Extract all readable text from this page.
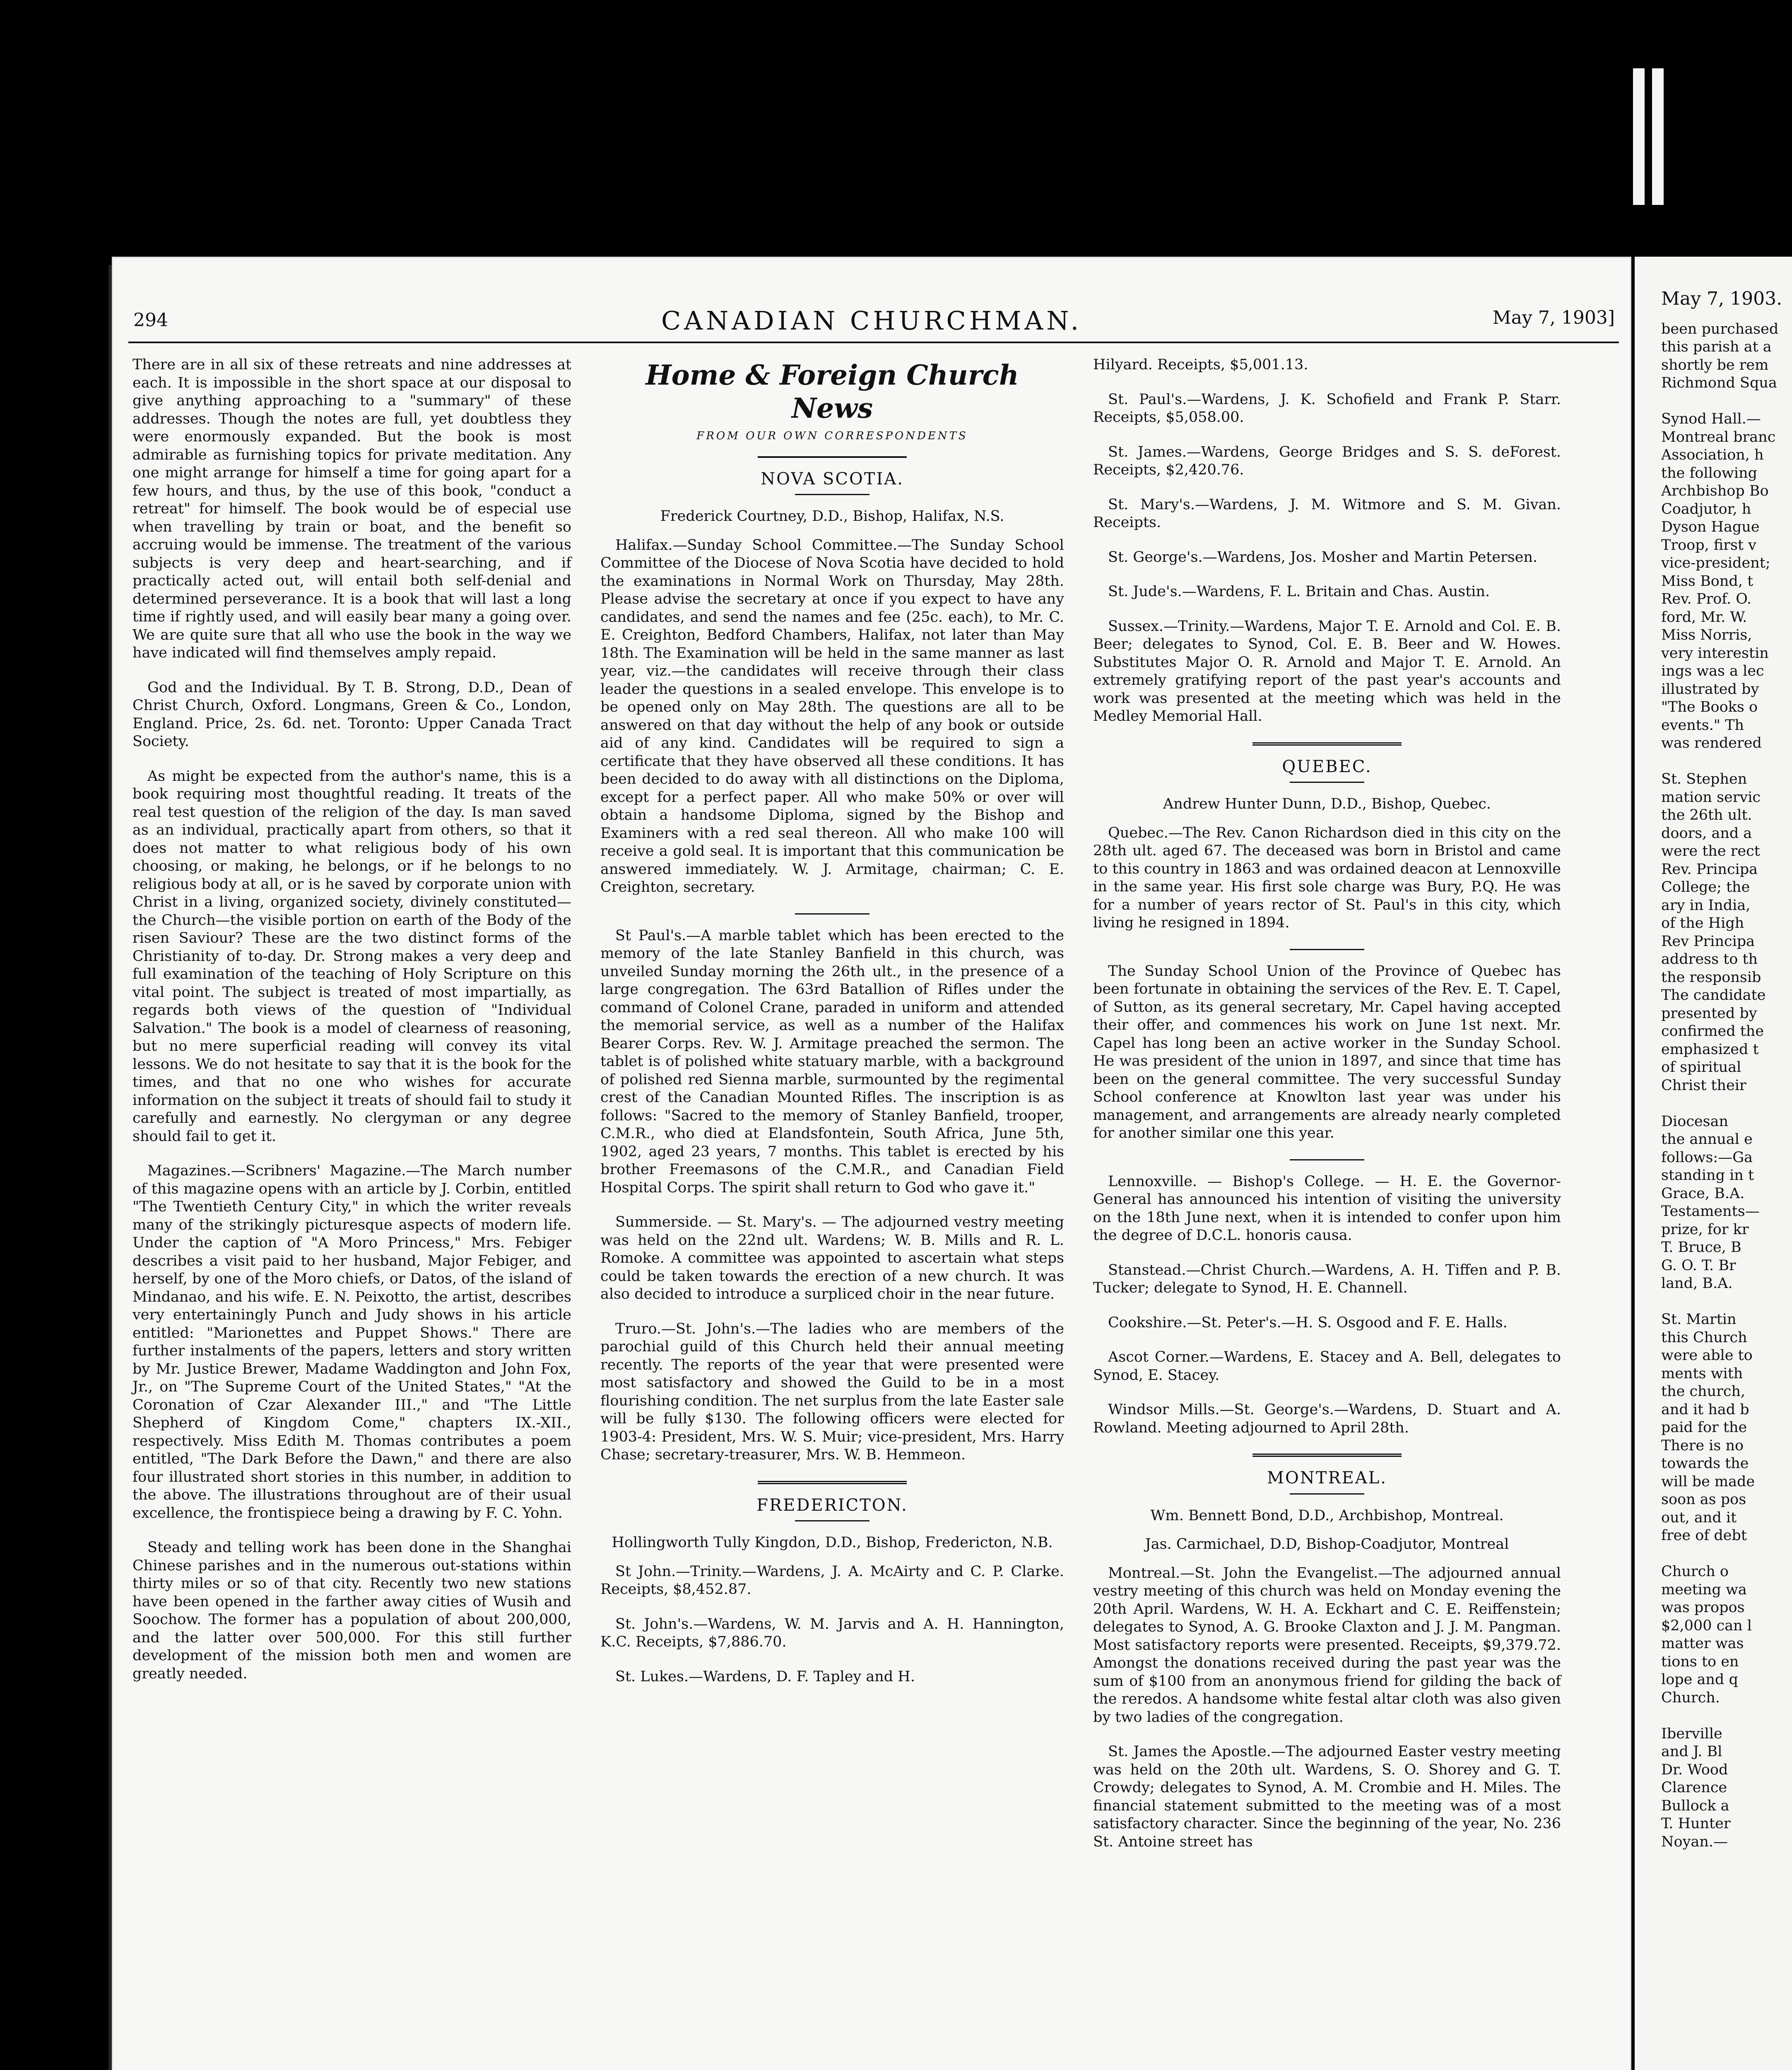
294	CANADIAN CHURCHMAN.	May 7, 1903]

There are in all six of these retreats and nine addresses at each. It is impossible in the short space at our disposal to give anything approaching to a "summary" of these addresses. Though the notes are full, yet doubtless they were enormously expanded. But the book is most admirable as furnishing topics for private meditation. Any one might arrange for himself a time for going apart for a few hours, and thus, by the use of this book, "conduct a retreat" for himself. The book would be of especial use when travelling by train or boat, and the benefit so accruing would be immense. The treatment of the various subjects is very deep and heart-searching, and if practically acted out, will entail both self-denial and determined perseverance. It is a book that will last a long time if rightly used, and will easily bear many a going over. We are quite sure that all who use the book in the way we have indicated will find themselves amply repaid.

God and the Individual. By T. B. Strong, D.D., Dean of Christ Church, Oxford. Longmans, Green & Co., London, England. Price, 2s. 6d. net. Toronto: Upper Canada Tract Society.

As might be expected from the author's name, this is a book requiring most thoughtful reading. It treats of the real test question of the religion of the day. Is man saved as an individual, practically apart from others, so that it does not matter to what religious body of his own choosing, or making, he belongs, or if he belongs to no religious body at all, or is he saved by corporate union with Christ in a living, organized society, divinely constituted—the Church—the visible portion on earth of the Body of the risen Saviour? These are the two distinct forms of the Christianity of to-day. Dr. Strong makes a very deep and full examination of the teaching of Holy Scripture on this vital point. The subject is treated of most impartially, as regards both views of the question of "Individual Salvation." The book is a model of clearness of reasoning, but no mere superficial reading will convey its vital lessons. We do not hesitate to say that it is the book for the times, and that no one who wishes for accurate information on the subject it treats of should fail to study it carefully and earnestly. No clergyman or any degree should fail to get it.

Magazines.—Scribners' Magazine.—The March number of this magazine opens with an article by J. Corbin, entitled "The Twentieth Century City," in which the writer reveals many of the strikingly picturesque aspects of modern life. Under the caption of "A Moro Princess," Mrs. Febiger describes a visit paid to her husband, Major Febiger, and herself, by one of the Moro chiefs, or Datos, of the island of Mindanao, and his wife. E. N. Peixotto, the artist, describes very entertainingly Punch and Judy shows in his article entitled: "Marionettes and Puppet Shows." There are further instalments of the papers, letters and story written by Mr. Justice Brewer, Madame Waddington and John Fox, Jr., on "The Supreme Court of the United States," "At the Coronation of Czar Alexander III.," and "The Little Shepherd of Kingdom Come," chapters IX.-XII., respectively. Miss Edith M. Thomas contributes a poem entitled, "The Dark Before the Dawn," and there are also four illustrated short stories in this number, in addition to the above. The illustrations throughout are of their usual excellence, the frontispiece being a drawing by F. C. Yohn.

Steady and telling work has been done in the Shanghai Chinese parishes and in the numerous out-stations within thirty miles or so of that city. Recently two new stations have been opened in the farther away cities of Wusih and Soochow. The former has a population of about 200,000, and the latter over 500,000. For this still further development of the mission both men and women are greatly needed.

Home & Foreign Church News
FROM OUR OWN CORRESPONDENTS
NOVA SCOTIA.

Frederick Courtney, D.D., Bishop, Halifax, N.S.

Halifax.—Sunday School Committee.—The Sunday School Committee of the Diocese of Nova Scotia have decided to hold the examinations in Normal Work on Thursday, May 28th. Please advise the secretary at once if you expect to have any candidates, and send the names and fee (25c. each), to Mr. C. E. Creighton, Bedford Chambers, Halifax, not later than May 18th. The Examination will be held in the same manner as last year, viz.—the candidates will receive through their class leader the questions in a sealed envelope. This envelope is to be opened only on May 28th. The questions are all to be answered on that day without the help of any book or outside aid of any kind. Candidates will be required to sign a certificate that they have observed all these conditions. It has been decided to do away with all distinctions on the Diploma, except for a perfect paper. All who make 50% or over will obtain a handsome Diploma, signed by the Bishop and Examiners with a red seal thereon. All who make 100 will receive a gold seal. It is important that this communication be answered immediately. W. J. Armitage, chairman; C. E. Creighton, secretary.

St Paul's.—A marble tablet which has been erected to the memory of the late Stanley Banfield in this church, was unveiled Sunday morning the 26th ult., in the presence of a large congregation. The 63rd Batallion of Rifles under the command of Colonel Crane, paraded in uniform and attended the memorial service, as well as a number of the Halifax Bearer Corps. Rev. W. J. Armitage preached the sermon. The tablet is of polished white statuary marble, with a background of polished red Sienna marble, surmounted by the regimental crest of the Canadian Mounted Rifles. The inscription is as follows: "Sacred to the memory of Stanley Banfield, trooper, C.M.R., who died at Elandsfontein, South Africa, June 5th, 1902, aged 23 years, 7 months. This tablet is erected by his brother Freemasons of the C.M.R., and Canadian Field Hospital Corps. The spirit shall return to God who gave it."

Summerside. — St. Mary's. — The adjourned vestry meeting was held on the 22nd ult. Wardens; W. B. Mills and R. L. Romoke. A committee was appointed to ascertain what steps could be taken towards the erection of a new church. It was also decided to introduce a surpliced choir in the near future.

Truro.—St. John's.—The ladies who are members of the parochial guild of this Church held their annual meeting recently. The reports of the year that were presented were most satisfactory and showed the Guild to be in a most flourishing condition. The net surplus from the late Easter sale will be fully $130. The following officers were elected for 1903-4: President, Mrs. W. S. Muir; vice-president, Mrs. Harry Chase; secretary-treasurer, Mrs. W. B. Hemmeon.

FREDERICTON.

Hollingworth Tully Kingdon, D.D., Bishop, Fredericton, N.B.

St John.—Trinity.—Wardens, J. A. McAirty and C. P. Clarke. Receipts, $8,452.87.

St. John's.—Wardens, W. M. Jarvis and A. H. Hannington, K.C. Receipts, $7,886.70.

St. Lukes.—Wardens, D. F. Tapley and H.

Hilyard. Receipts, $5,001.13.

St. Paul's.—Wardens, J. K. Schofield and Frank P. Starr. Receipts, $5,058.00.

St. James.—Wardens, George Bridges and S. S. deForest. Receipts, $2,420.76.

St. Mary's.—Wardens, J. M. Witmore and S. M. Givan. Receipts.

St. George's.—Wardens, Jos. Mosher and Martin Petersen.

St. Jude's.—Wardens, F. L. Britain and Chas. Austin.

Sussex.—Trinity.—Wardens, Major T. E. Arnold and Col. E. B. Beer; delegates to Synod, Col. E. B. Beer and W. Howes. Substitutes Major O. R. Arnold and Major T. E. Arnold. An extremely gratifying report of the past year's accounts and work was presented at the meeting which was held in the Medley Memorial Hall.

QUEBEC.

Andrew Hunter Dunn, D.D., Bishop, Quebec.

Quebec.—The Rev. Canon Richardson died in this city on the 28th ult. aged 67. The deceased was born in Bristol and came to this country in 1863 and was ordained deacon at Lennoxville in the same year. His first sole charge was Bury, P.Q. He was for a number of years rector of St. Paul's in this city, which living he resigned in 1894.

The Sunday School Union of the Province of Quebec has been fortunate in obtaining the services of the Rev. E. T. Capel, of Sutton, as its general secretary, Mr. Capel having accepted their offer, and commences his work on June 1st next. Mr. Capel has long been an active worker in the Sunday School. He was president of the union in 1897, and since that time has been on the general committee. The very successful Sunday School conference at Knowlton last year was under his management, and arrangements are already nearly completed for another similar one this year.

Lennoxville. — Bishop's College. — H. E. the Governor-General has announced his intention of visiting the university on the 18th June next, when it is intended to confer upon him the degree of D.C.L. honoris causa.

Stanstead.—Christ Church.—Wardens, A. H. Tiffen and P. B. Tucker; delegate to Synod, H. E. Channell.

Cookshire.—St. Peter's.—H. S. Osgood and F. E. Halls.

Ascot Corner.—Wardens, E. Stacey and A. Bell, delegates to Synod, E. Stacey.

Windsor Mills.—St. George's.—Wardens, D. Stuart and A. Rowland. Meeting adjourned to April 28th.

MONTREAL.

Wm. Bennett Bond, D.D., Archbishop, Montreal.

Jas. Carmichael, D.D, Bishop-Coadjutor, Montreal

Montreal.—St. John the Evangelist.—The adjourned annual vestry meeting of this church was held on Monday evening the 20th April. Wardens, W. H. A. Eckhart and C. E. Reiffenstein; delegates to Synod, A. G. Brooke Claxton and J. J. M. Pangman. Most satisfactory reports were presented. Receipts, $9,379.72. Amongst the donations received during the past year was the sum of $100 from an anonymous friend for gilding the back of the reredos. A handsome white festal altar cloth was also given by two ladies of the congregation.

St. James the Apostle.—The adjourned Easter vestry meeting was held on the 20th ult. Wardens, S. O. Shorey and G. T. Crowdy; delegates to Synod, A. M. Crombie and H. Miles. The financial statement submitted to the meeting was of a most satisfactory character. Since the beginning of the year, No. 236 St. Antoine street has

May 7, 1903.
been purchased
this parish at a
shortly be rem
Richmond Squa
Synod Hall.—
Montreal branc
Association, h
the following
Archbishop Bo
Coadjutor, h
Dyson Hague
Troop, first v
vice-president;
Miss Bond, t
Rev. Prof. O.
ford, Mr. W.
Miss Norris,
very interestin
ings was a lec
illustrated by
"The Books o
events." Th
was rendered
St. Stephen
mation servic
the 26th ult.
doors, and a
were the rect
Rev. Principa
College; the
ary in India,
of the High
Rev Principa
address to th
the responsib
The candidate
presented by
confirmed the
emphasized t
of spiritual
Christ their
Diocesan
the annual e
follows:—Ga
standing in t
Grace, B.A.
Testaments—
prize, for kr
T. Bruce, B
G. O. T. Br
land, B.A.
St. Martin
this Church
were able to
ments with
the church,
and it had b
paid for the
There is no
towards the
will be made
soon as pos
out, and it
free of debt
Church o
meeting wa
was propos
$2,000 can l
matter was
tions to en
lope and q
Church.
Iberville
and J. Bl
Dr. Wood
Clarence
Bullock a
T. Hunter
Noyan.—
